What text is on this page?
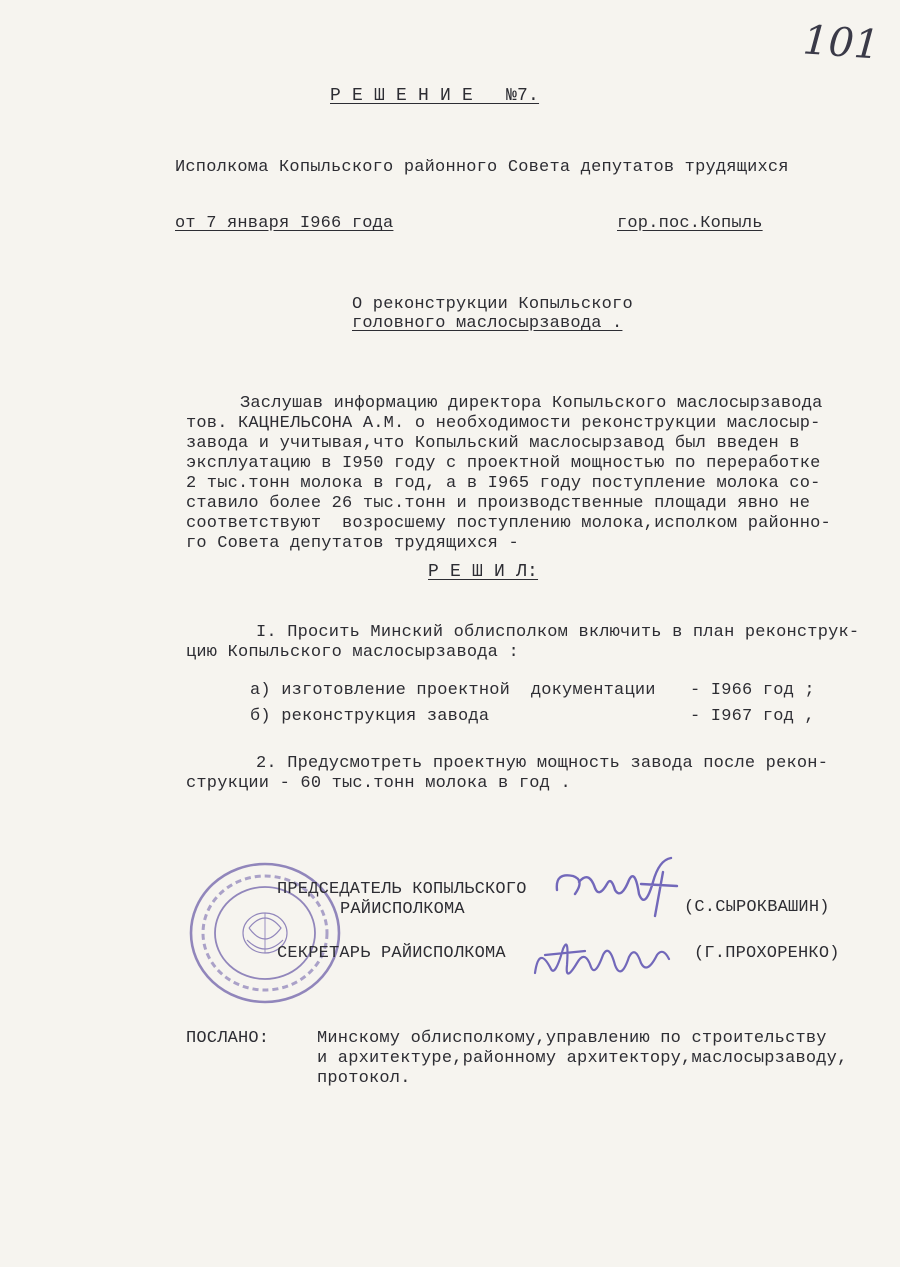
101
Р Е Ш Е Н И Е   №7.
Исполкома Копыльского районного Совета депутатов трудящихся
от 7 января I966 года	гор.пос.Копыль
О реконструкции Копыльского
головного маслосырзавода .
Заслушав информацию директора Копыльского маслосырзавода
тов. КАЦНЕЛЬСОНА А.М. о необходимости реконструкции маслосыр-
завода и учитывая,что Копыльский маслосырзавод был введен в
эксплуатацию в I950 году с проектной мощностью по переработке
2 тыс.тонн молока в год, а в I965 году поступление молока со-
ставило более 26 тыс.тонн и производственные площади явно не
соответствуют  возросшему поступлению молока,исполком районно-
го Совета депутатов трудящихся -
Р Е Ш И Л:
I. Просить Минский облисполком включить в план реконструк-
цию Копыльского маслосырзавода :
а) изготовление проектной  документации - I966 год ;
б) реконструкция завода	- I967 год ,
2. Предусмотреть проектную мощность завода после рекон-
струкции - 60 тыс.тонн молока в год .
ПРЕДСЕДАТЕЛЬ КОПЫЛЬСКОГО
РАЙИСПОЛКОМА	(С.СЫРОКВАШИН)
СЕКРЕТАРЬ РАЙИСПОЛКОМА	(Г.ПРОХОРЕНКО)
ПОСЛАНО:	Минскому облисполкому,управлению по строительству
и архитектуре,районному архитектору,маслосырзаводу,
протокол.
